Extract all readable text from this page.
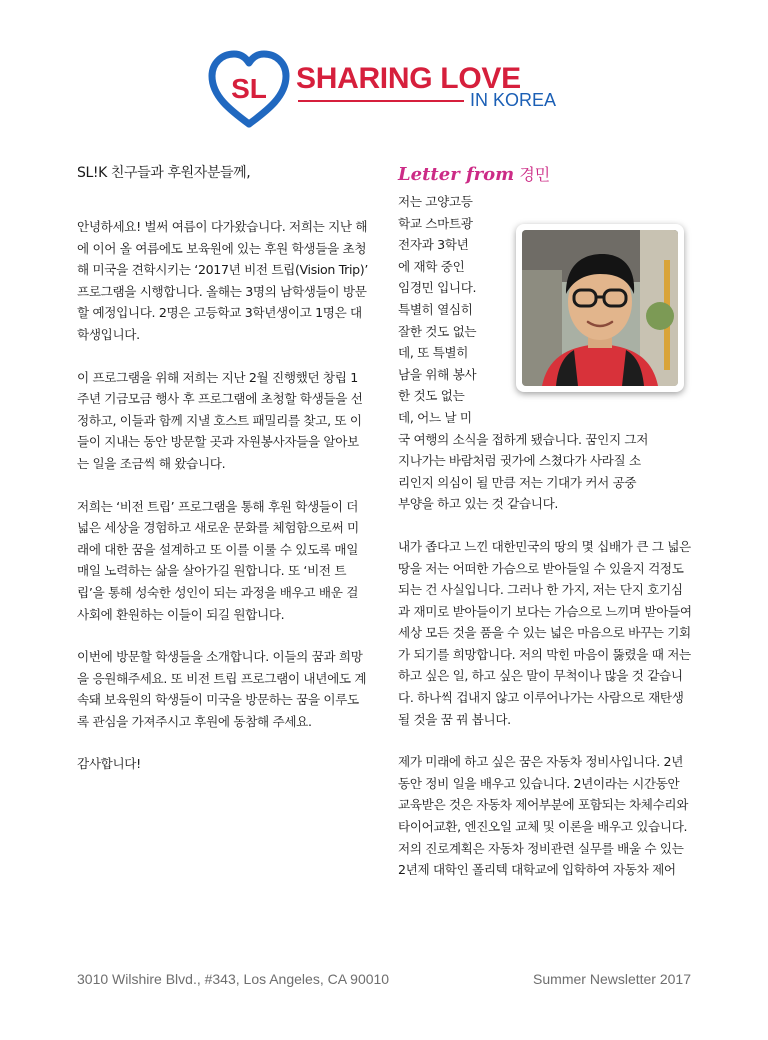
SL SHARING LOVE
IN KOREA

SL!K 친구들과 후원자분들께,

안녕하세요! 벌써 여름이 다가왔습니다. 저희는 지난 해에 이어 올 여름에도 보육원에 있는 후원 학생들을 초청해 미국을 견학시키는 ‘2017년 비전 트립(Vision Trip)’ 프로그램을 시행합니다. 올해는 3명의 남학생들이 방문할 예정입니다. 2명은 고등학교 3학년생이고 1명은 대학생입니다.

이 프로그램을 위해 저희는 지난 2월 진행했던 창립 1주년 기금모금 행사 후 프로그램에 초청할 학생들을 선정하고, 이들과 함께 지낼 호스트 패밀리를 찾고, 또 이들이 지내는 동안 방문할 곳과 자원봉사자들을 알아보는 일을 조금씩 해 왔습니다.

저희는 ‘비전 트립’ 프로그램을 통해 후원 학생들이 더 넓은 세상을 경험하고 새로운 문화를 체험함으로써 미래에 대한 꿈을 설계하고 또 이를 이룰 수 있도록 매일매일 노력하는 삶을 살아가길 원합니다. 또 ‘비전 트립’을 통해 성숙한 성인이 되는 과정을 배우고 배운 걸 사회에 환원하는 이들이 되길 원합니다.

이번에 방문할 학생들을 소개합니다. 이들의 꿈과 희망을 응원해주세요. 또 비전 트립 프로그램이 내년에도 계속돼 보육원의 학생들이 미국을 방문하는 꿈을 이루도록 관심을 가져주시고 후원에 동참해 주세요.

감사합니다!

Letter from 경민

저는 고양고등

학교 스마트광

전자과 3학년

에 재학 중인

임경민 입니다.

특별히 열심히

잘한 것도 없는

데, 또 특별히

남을 위해 봉사

한 것도 없는

데, 어느 날 미

국 여행의 소식을 접하게 됐습니다. 꿈인지 그저

지나가는 바람처럼 귓가에 스쳤다가 사라질 소

리인지 의심이 될 만큼 저는 기대가 커서 공중

부양을 하고 있는 것 같습니다.

내가 좁다고 느낀 대한민국의 땅의 몇 십배가 큰 그 넓은 땅을 저는 어떠한 가슴으로 받아들일 수 있을지 걱정도 되는 건 사실입니다. 그러나 한 가지, 저는 단지 호기심과 재미로 받아들이기 보다는 가슴으로 느끼며 받아들여 세상 모든 것을 품을 수 있는 넓은 마음으로 바꾸는 기회가 되기를 희망합니다. 저의 막힌 마음이 뚫렸을 때 저는 하고 싶은 일, 하고 싶은 말이 무척이나 많을 것 같습니다. 하나씩 겁내지 않고 이루어나가는 사람으로 재탄생 될 것을 꿈 꿔 봅니다.

제가 미래에 하고 싶은 꿈은 자동차 정비사입니다. 2년 동안 정비 일을 배우고 있습니다. 2년이라는 시간동안 교육받은 것은 자동차 제어부분에 포함되는 차체수리와 타이어교환, 엔진오일 교체 및 이론을 배우고 있습니다. 저의 진로계획은 자동차 정비관련 실무를 배울 수 있는 2년제 대학인 폴리텍 대학교에 입학하여 자동차 제어

3010 Wilshire Blvd., #343, Los Angeles, CA 90010	Summer Newsletter 2017
